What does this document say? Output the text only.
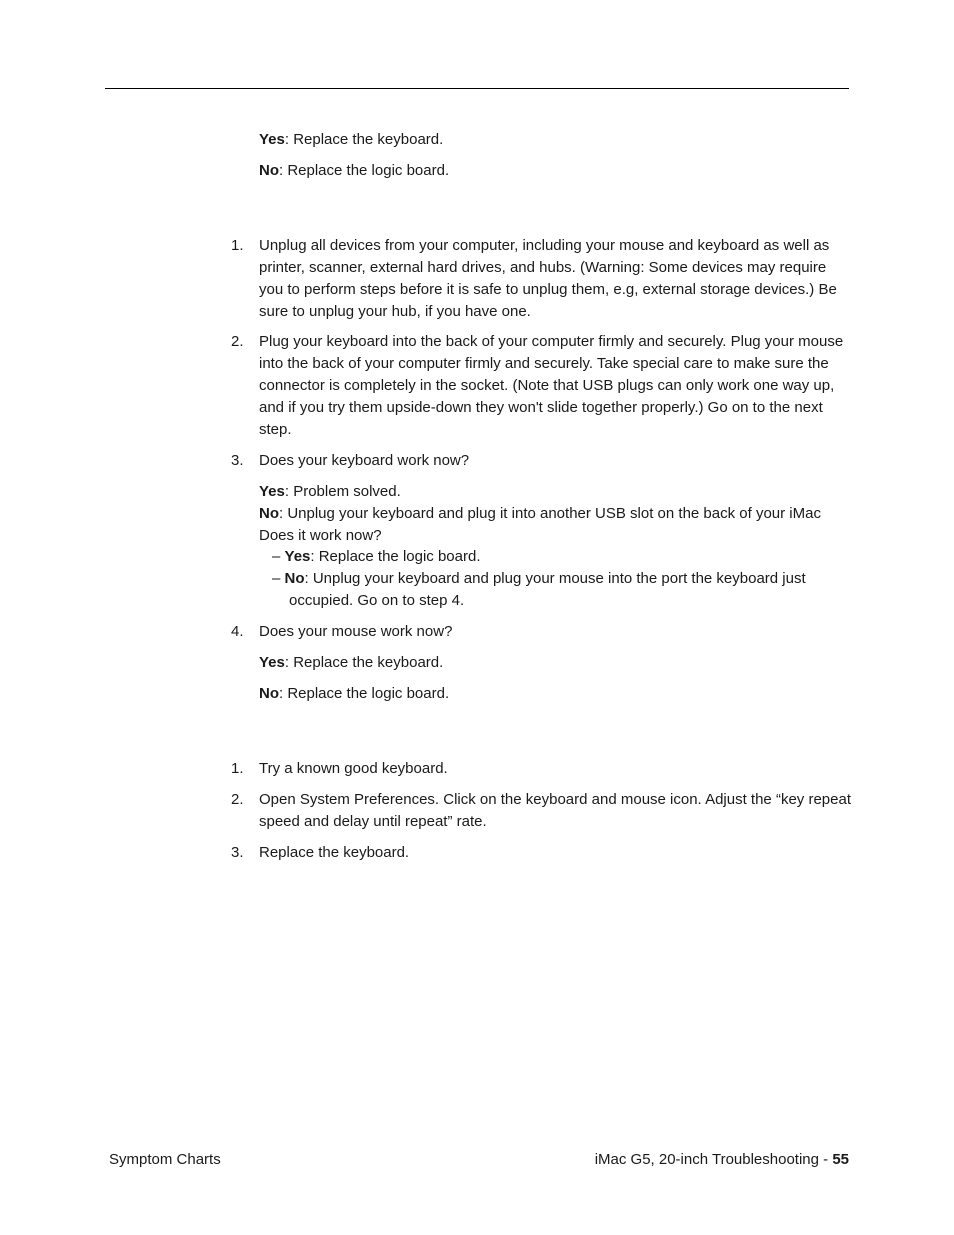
Yes: Replace the keyboard.
No: Replace the logic board.
1. Unplug all devices from your computer, including your mouse and keyboard as well as printer, scanner, external hard drives, and hubs. (Warning: Some devices may require you to perform steps before it is safe to unplug them, e.g, external storage devices.) Be sure to unplug your hub, if you have one.
2. Plug your keyboard into the back of your computer firmly and securely. Plug your mouse into the back of your computer firmly and securely. Take special care to make sure the connector is completely in the socket. (Note that USB plugs can only work one way up, and if you try them upside-down they won't slide together properly.) Go on to the next step.
3. Does your keyboard work now?
Yes: Problem solved.
No: Unplug your keyboard and plug it into another USB slot on the back of your iMac Does it work now?
– Yes: Replace the logic board.
– No: Unplug your keyboard and plug your mouse into the port the keyboard just occupied. Go on to step 4.
4. Does your mouse work now?
Yes: Replace the keyboard.
No: Replace the logic board.
1. Try a known good keyboard.
2. Open System Preferences. Click on the keyboard and mouse icon. Adjust the “key repeat speed and delay until repeat” rate.
3. Replace the keyboard.
Symptom Charts	iMac G5, 20-inch Troubleshooting - 55
